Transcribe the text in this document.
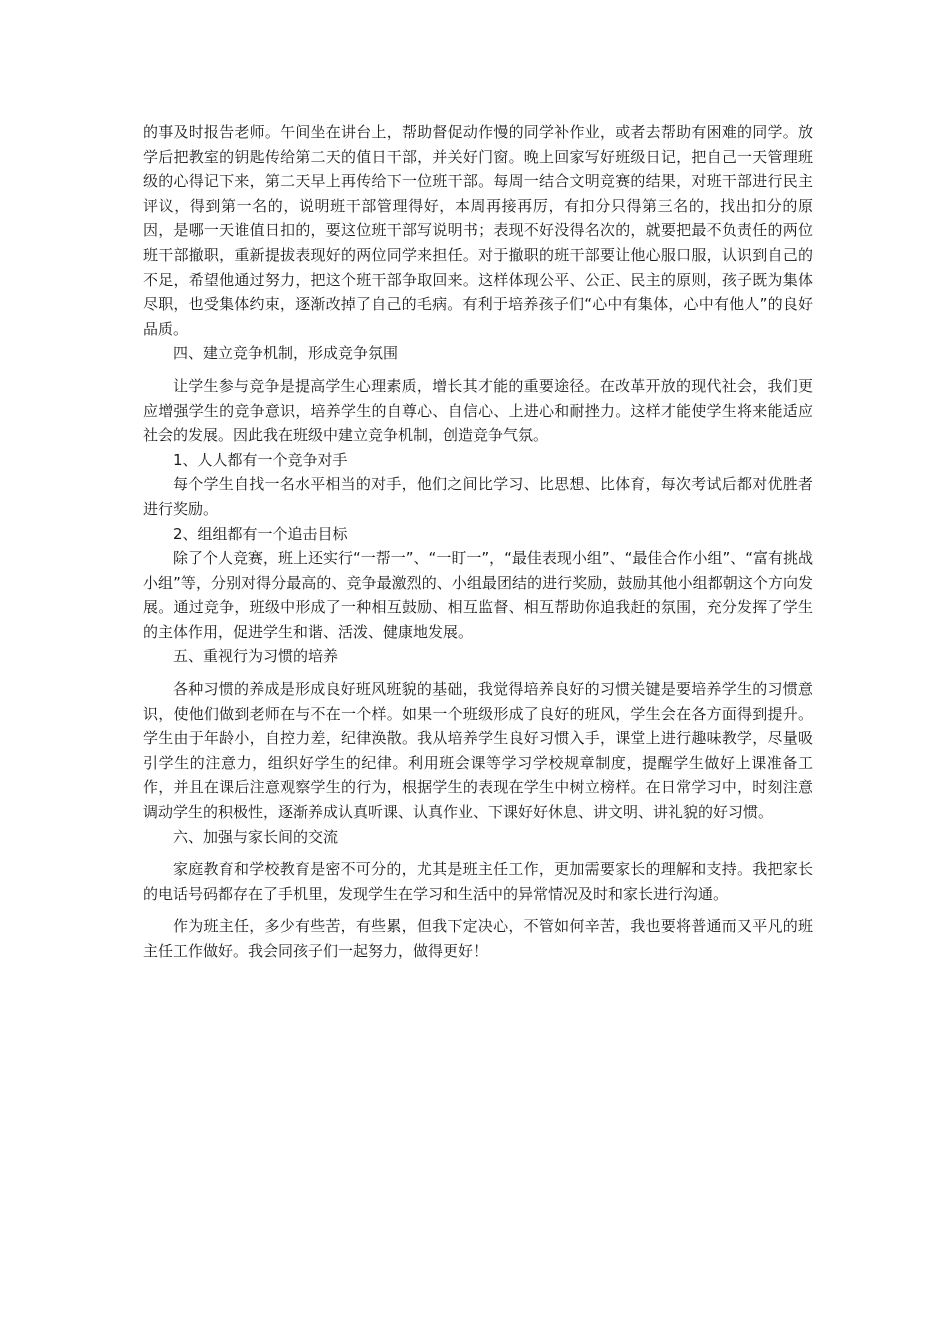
的事及时报告老师。午间坐在讲台上，帮助督促动作慢的同学补作业，或者去帮助有困难的同学。放学后把教室的钥匙传给第二天的值日干部，并关好门窗。晚上回家写好班级日记，把自己一天管理班级的心得记下来，第二天早上再传给下一位班干部。每周一结合文明竞赛的结果，对班干部进行民主评议，得到第一名的，说明班干部管理得好，本周再接再厉，有扣分只得第三名的，找出扣分的原因，是哪一天谁值日扣的，要这位班干部写说明书；表现不好没得名次的，就要把最不负责任的两位班干部撤职，重新提拔表现好的两位同学来担任。对于撤职的班干部要让他心服口服，认识到自己的不足，希望他通过努力，把这个班干部争取回来。这样体现公平、公正、民主的原则，孩子既为集体尽职，也受集体约束，逐渐改掉了自己的毛病。有利于培养孩子们“心中有集体，心中有他人”的良好品质。

四、建立竞争机制，形成竞争氛围

让学生参与竞争是提高学生心理素质，增长其才能的重要途径。在改革开放的现代社会，我们更应增强学生的竞争意识，培养学生的自尊心、自信心、上进心和耐挫力。这样才能使学生将来能适应社会的发展。因此我在班级中建立竞争机制，创造竞争气氛。

1、人人都有一个竞争对手

每个学生自找一名水平相当的对手，他们之间比学习、比思想、比体育，每次考试后都对优胜者进行奖励。

2、组组都有一个追击目标

除了个人竞赛，班上还实行“一帮一”、“一盯一”，“最佳表现小组”、“最佳合作小组”、“富有挑战小组”等，分别对得分最高的、竞争最激烈的、小组最团结的进行奖励，鼓励其他小组都朝这个方向发展。通过竞争，班级中形成了一种相互鼓励、相互监督、相互帮助你追我赶的氛围，充分发挥了学生的主体作用，促进学生和谐、活泼、健康地发展。

五、重视行为习惯的培养

各种习惯的养成是形成良好班风班貌的基础，我觉得培养良好的习惯关键是要培养学生的习惯意识，使他们做到老师在与不在一个样。如果一个班级形成了良好的班风，学生会在各方面得到提升。学生由于年龄小，自控力差，纪律涣散。我从培养学生良好习惯入手，课堂上进行趣味教学，尽量吸引学生的注意力，组织好学生的纪律。利用班会课等学习学校规章制度，提醒学生做好上课准备工作，并且在课后注意观察学生的行为，根据学生的表现在学生中树立榜样。在日常学习中，时刻注意调动学生的积极性，逐渐养成认真听课、认真作业、下课好好休息、讲文明、讲礼貌的好习惯。

六、加强与家长间的交流

家庭教育和学校教育是密不可分的，尤其是班主任工作，更加需要家长的理解和支持。我把家长的电话号码都存在了手机里，发现学生在学习和生活中的异常情况及时和家长进行沟通。

作为班主任，多少有些苦，有些累，但我下定决心，不管如何辛苦，我也要将普通而又平凡的班主任工作做好。我会同孩子们一起努力，做得更好！
